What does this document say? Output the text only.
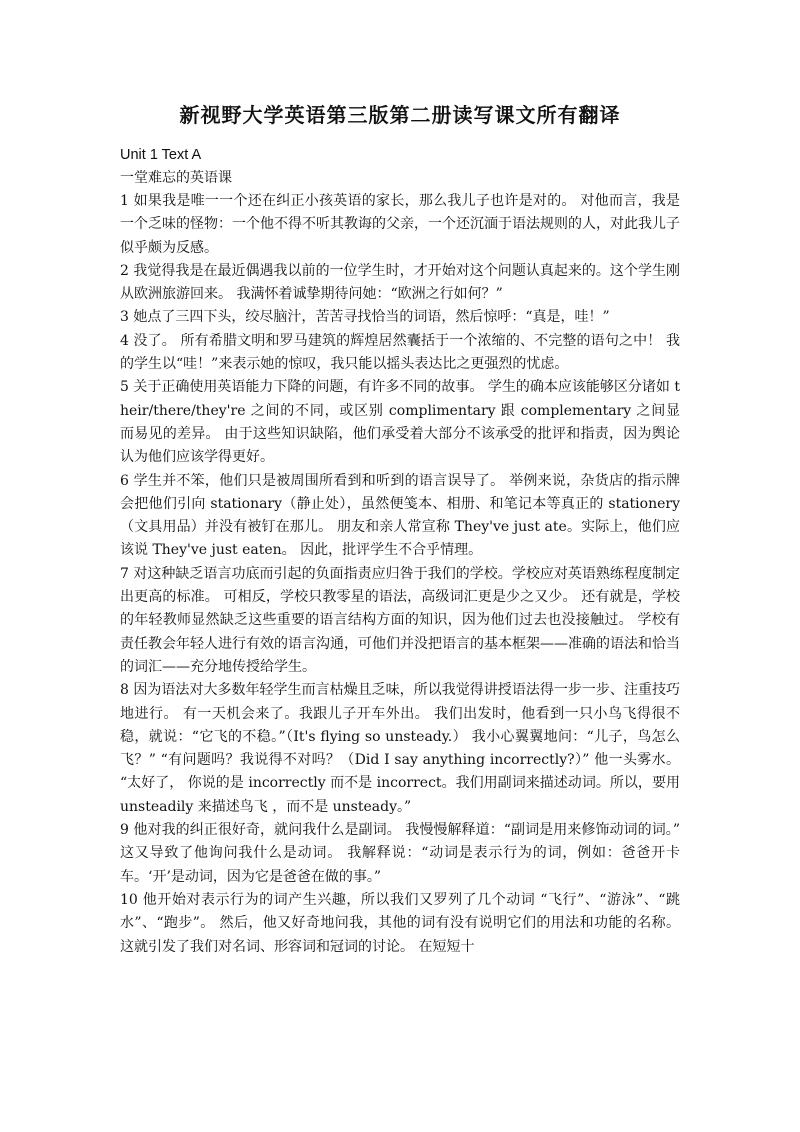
新视野大学英语第三版第二册读写课文所有翻译

Unit 1 Text A

一堂难忘的英语课

1 如果我是唯一一个还在纠正小孩英语的家长，那么我儿子也许是对的。 对他而言，我是一个乏味的怪物：一个他不得不听其教诲的父亲，一个还沉湎于语法规则的人，对此我儿子似乎颇为反感。

2 我觉得我是在最近偶遇我以前的一位学生时，才开始对这个问题认真起来的。这个学生刚从欧洲旅游回来。 我满怀着诚挚期待问她：“欧洲之行如何？”

3 她点了三四下头，绞尽脑汁，苦苦寻找恰当的词语，然后惊呼：“真是，哇！”

4 没了。 所有希腊文明和罗马建筑的辉煌居然囊括于一个浓缩的、不完整的语句之中！ 我的学生以“哇！”来表示她的惊叹，我只能以摇头表达比之更强烈的忧虑。

5 关于正确使用英语能力下降的问题，有许多不同的故事。 学生的确本应该能够区分诸如 their/there/they're 之间的不同，或区别 complimentary 跟 complementary 之间显而易见的差异。 由于这些知识缺陷，他们承受着大部分不该承受的批评和指责，因为舆论认为他们应该学得更好。

6 学生并不笨，他们只是被周围所看到和听到的语言误导了。 举例来说，杂货店的指示牌会把他们引向 stationary（静止处），虽然便笺本、相册、和笔记本等真正的 stationery（文具用品）并没有被钉在那儿。 朋友和亲人常宣称 They've just ate。实际上，他们应该说 They've just eaten。 因此，批评学生不合乎情理。

7 对这种缺乏语言功底而引起的负面指责应归咎于我们的学校。学校应对英语熟练程度制定出更高的标准。 可相反，学校只教零星的语法，高级词汇更是少之又少。 还有就是，学校的年轻教师显然缺乏这些重要的语言结构方面的知识，因为他们过去也没接触过。 学校有责任教会年轻人进行有效的语言沟通，可他们并没把语言的基本框架——准确的语法和恰当的词汇——充分地传授给学生。

8 因为语法对大多数年轻学生而言枯燥且乏味，所以我觉得讲授语法得一步一步、注重技巧地进行。 有一天机会来了。我跟儿子开车外出。 我们出发时，他看到一只小鸟飞得很不稳，就说：“它飞的不稳。”（It's flying so unsteady.） 我小心翼翼地问：“儿子，鸟怎么飞？” “有问题吗？我说得不对吗？（Did I say anything incorrectly?）” 他一头雾水。 “太好了， 你说的是 incorrectly 而不是 incorrect。我们用副词来描述动词。所以，要用 unsteadily 来描述鸟飞 ，而不是 unsteady。”

9 他对我的纠正很好奇，就问我什么是副词。 我慢慢解释道：“副词是用来修饰动词的词。” 这又导致了他询问我什么是动词。 我解释说：“动词是表示行为的词，例如：爸爸开卡车。‘开’是动词，因为它是爸爸在做的事。”

10 他开始对表示行为的词产生兴趣，所以我们又罗列了几个动词 “飞行”、“游泳”、“跳水”、“跑步”。 然后，他又好奇地问我，其他的词有没有说明它们的用法和功能的名称。 这就引发了我们对名词、形容词和冠词的讨论。 在短短十
